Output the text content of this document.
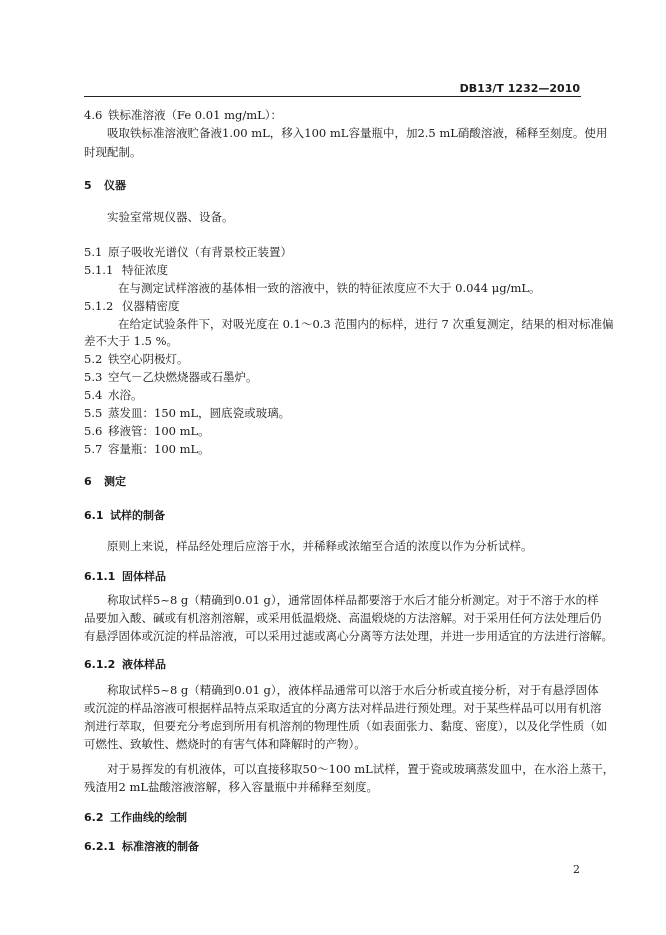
DB13/T 1232—2010
4.6 铁标准溶液（Fe 0.01 mg/mL）：
吸取铁标准溶液贮备液1.00 mL，移入100 mL容量瓶中，加2.5 mL硝酸溶液，稀释至刻度。使用
时现配制。
5 仪器
实验室常规仪器、设备。
5.1 原子吸收光谱仪（有背景校正装置）
5.1.1 特征浓度
在与测定试样溶液的基体相一致的溶液中，铁的特征浓度应不大于 0.044 μg/mL。
5.1.2 仪器精密度
在给定试验条件下，对吸光度在 0.1～0.3 范围内的标样，进行 7 次重复测定，结果的相对标准偏
差不大于 1.5 %。
5.2 铁空心阴极灯。
5.3 空气－乙炔燃烧器或石墨炉。
5.4 水浴。
5.5 蒸发皿：150 mL，圆底瓷或玻璃。
5.6 移液管：100 mL。
5.7 容量瓶：100 mL。
6 测定
6.1 试样的制备
原则上来说，样品经处理后应溶于水，并稀释或浓缩至合适的浓度以作为分析试样。
6.1.1 固体样品
称取试样5~8 g（精确到0.01 g），通常固体样品都要溶于水后才能分析测定。对于不溶于水的样
品要加入酸、碱或有机溶剂溶解，或采用低温煅烧、高温煅烧的方法溶解。对于采用任何方法处理后仍
有悬浮固体或沉淀的样品溶液，可以采用过滤或离心分离等方法处理，并进一步用适宜的方法进行溶解。
6.1.2 液体样品
称取试样5~8 g（精确到0.01 g），液体样品通常可以溶于水后分析或直接分析，对于有悬浮固体
或沉淀的样品溶液可根据样品特点采取适宜的分离方法对样品进行预处理。对于某些样品可以用有机溶
剂进行萃取，但要充分考虑到所用有机溶剂的物理性质（如表面张力、黏度、密度），以及化学性质（如
可燃性、致敏性、燃烧时的有害气体和降解时的产物）。
对于易挥发的有机液体，可以直接移取50～100 mL试样，置于瓷或玻璃蒸发皿中，在水浴上蒸干，
残渣用2 mL盐酸溶液溶解，移入容量瓶中并稀释至刻度。
6.2 工作曲线的绘制
6.2.1 标准溶液的制备
2
